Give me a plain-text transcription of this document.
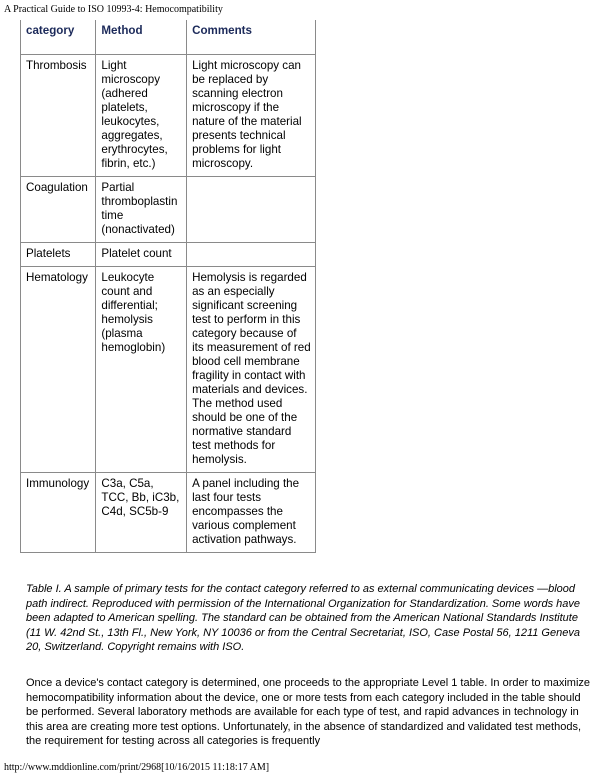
A Practical Guide to ISO 10993-4: Hemocompatibility
category	Method	Comments
Thrombosis	Light microscopy (adhered platelets, leukocytes, aggregates, erythrocytes, fibrin, etc.)	Light microscopy can be replaced by scanning electron microscopy if the nature of the material presents technical problems for light microscopy.
Coagulation	Partial thromboplastin time (nonactivated)	
Platelets	Platelet count	
Hematology	Leukocyte count and differential; hemolysis (plasma hemoglobin)	Hemolysis is regarded as an especially significant screening test to perform in this category because of its measurement of red blood cell membrane fragility in contact with materials and devices. The method used should be one of the normative standard test methods for hemolysis.
Immunology	C3a, C5a, TCC, Bb, iC3b, C4d, SC5b-9	A panel including the last four tests encompasses the various complement activation pathways.

Table I. A sample of primary tests for the contact category referred to as external communicating devices —blood path indirect. Reproduced with permission of the International Organization for Standardization. Some words have been adapted to American spelling. The standard can be obtained from the American National Standards Institute (11 W. 42nd St., 13th Fl., New York, NY 10036 or from the Central Secretariat, ISO, Case Postal 56, 1211 Geneva 20, Switzerland. Copyright remains with ISO.

Once a device's contact category is determined, one proceeds to the appropriate Level 1 table. In order to maximize hemocompatibility information about the device, one or more tests from each category included in the table should be performed. Several laboratory methods are available for each type of test, and rapid advances in technology in this area are creating more test options. Unfortunately, in the absence of standardized and validated test methods, the requirement for testing across all categories is frequently

http://www.mddionline.com/print/2968[10/16/2015 11:18:17 AM]
